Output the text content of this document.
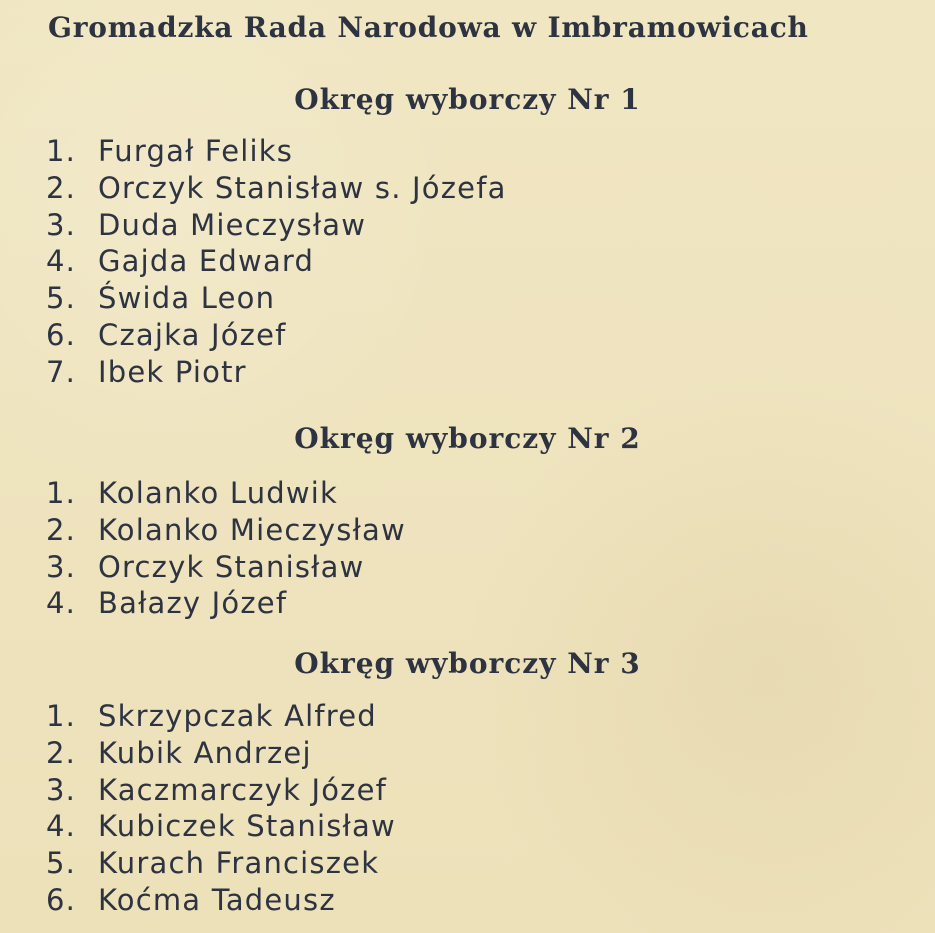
Gromadzka Rada Narodowa w Imbramowicach
Okręg wyborczy Nr 1
1. Furgał Feliks
2. Orczyk Stanisław s. Józefa
3. Duda Mieczysław
4. Gajda Edward
5. Świda Leon
6. Czajka Józef
7. Ibek Piotr
Okręg wyborczy Nr 2
1. Kolanko Ludwik
2. Kolanko Mieczysław
3. Orczyk Stanisław
4. Bałazy Józef
Okręg wyborczy Nr 3
1. Skrzypczak Alfred
2. Kubik Andrzej
3. Kaczmarczyk Józef
4. Kubiczek Stanisław
5. Kurach Franciszek
6. Koćma Tadeusz
